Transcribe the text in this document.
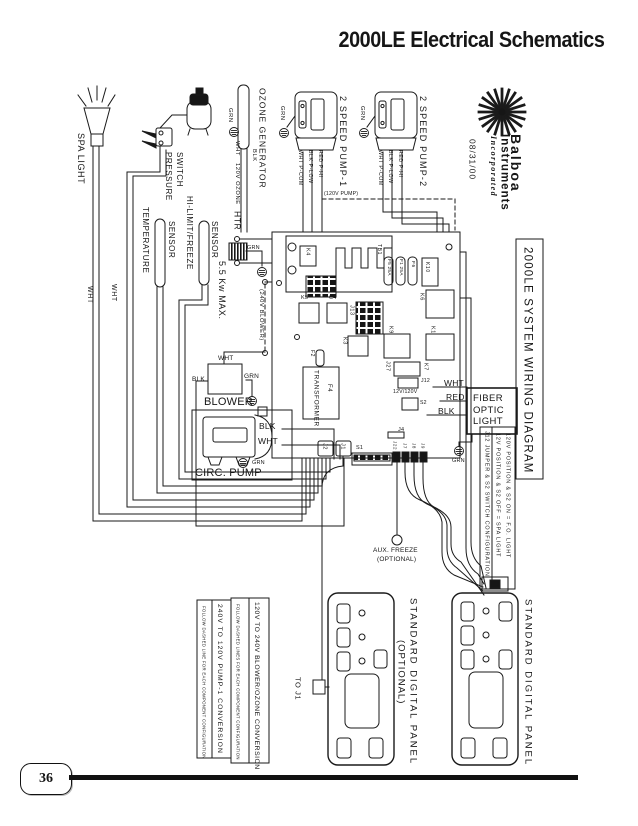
2000LE Electrical Schematics
SPA LIGHT
WHT
PRESSURE SWITCH
WHT
TEMPERATURE SENSOR HI-LIMIT/FREEZE SENSOR
HTR
GRN
5.5 Kw MAX.	(240V BLOWER)
OZONE GENERATOR
GRN
WHT BLK
120V OZONE	2 SPEED PUMP-1
GRN
WHT P-COM BLK P-LOW RED P-HI
(120V PUMP)
2 SPEED PUMP-2
GRN
WHT P-COM BLK P-LOW RED P-HI	Balboa
Instruments
Incorporated
08/31/00
2000LE SYSTEM WIRING DIAGRAM
J12 JUMPER & S2 SWITCH CONFIGURATION 12V POSITION & S2 OFF = SPA LIGHT 120V POSITION & S2 ON = F.O. LIGHT
WHT
RED
BLK
FIBER
OPTIC
LIGHT
GRN
WHT
BLK	GRN
BLOWER	TRANSFORMER F4
BLK
WHT
GRN
CIRC. PUMP
K4	TB1
F5 25A F1 25A F6 K10
K6
K9	K1
K3
K5	C4
J13
F2
K7
J27
J12
12V/120V
S2
J4
J2 J1 S1	J22 J7 J8 J9
AUX. FREEZE
(OPTIONAL)
240V TO 120V PUMP-1 CONVERSION
FOLLOW DASHED LINE FOR EACH COMPONENT CONFIGURATION	120V TO 240V BLOWER/OZONE CONVERSION
FOLLOW DASHED LINES FOR EACH COMPONENT CONFIGURATION	TO J1	STANDARD DIGITAL PANEL
(OPTIONAL)	STANDARD DIGITAL PANEL
36
